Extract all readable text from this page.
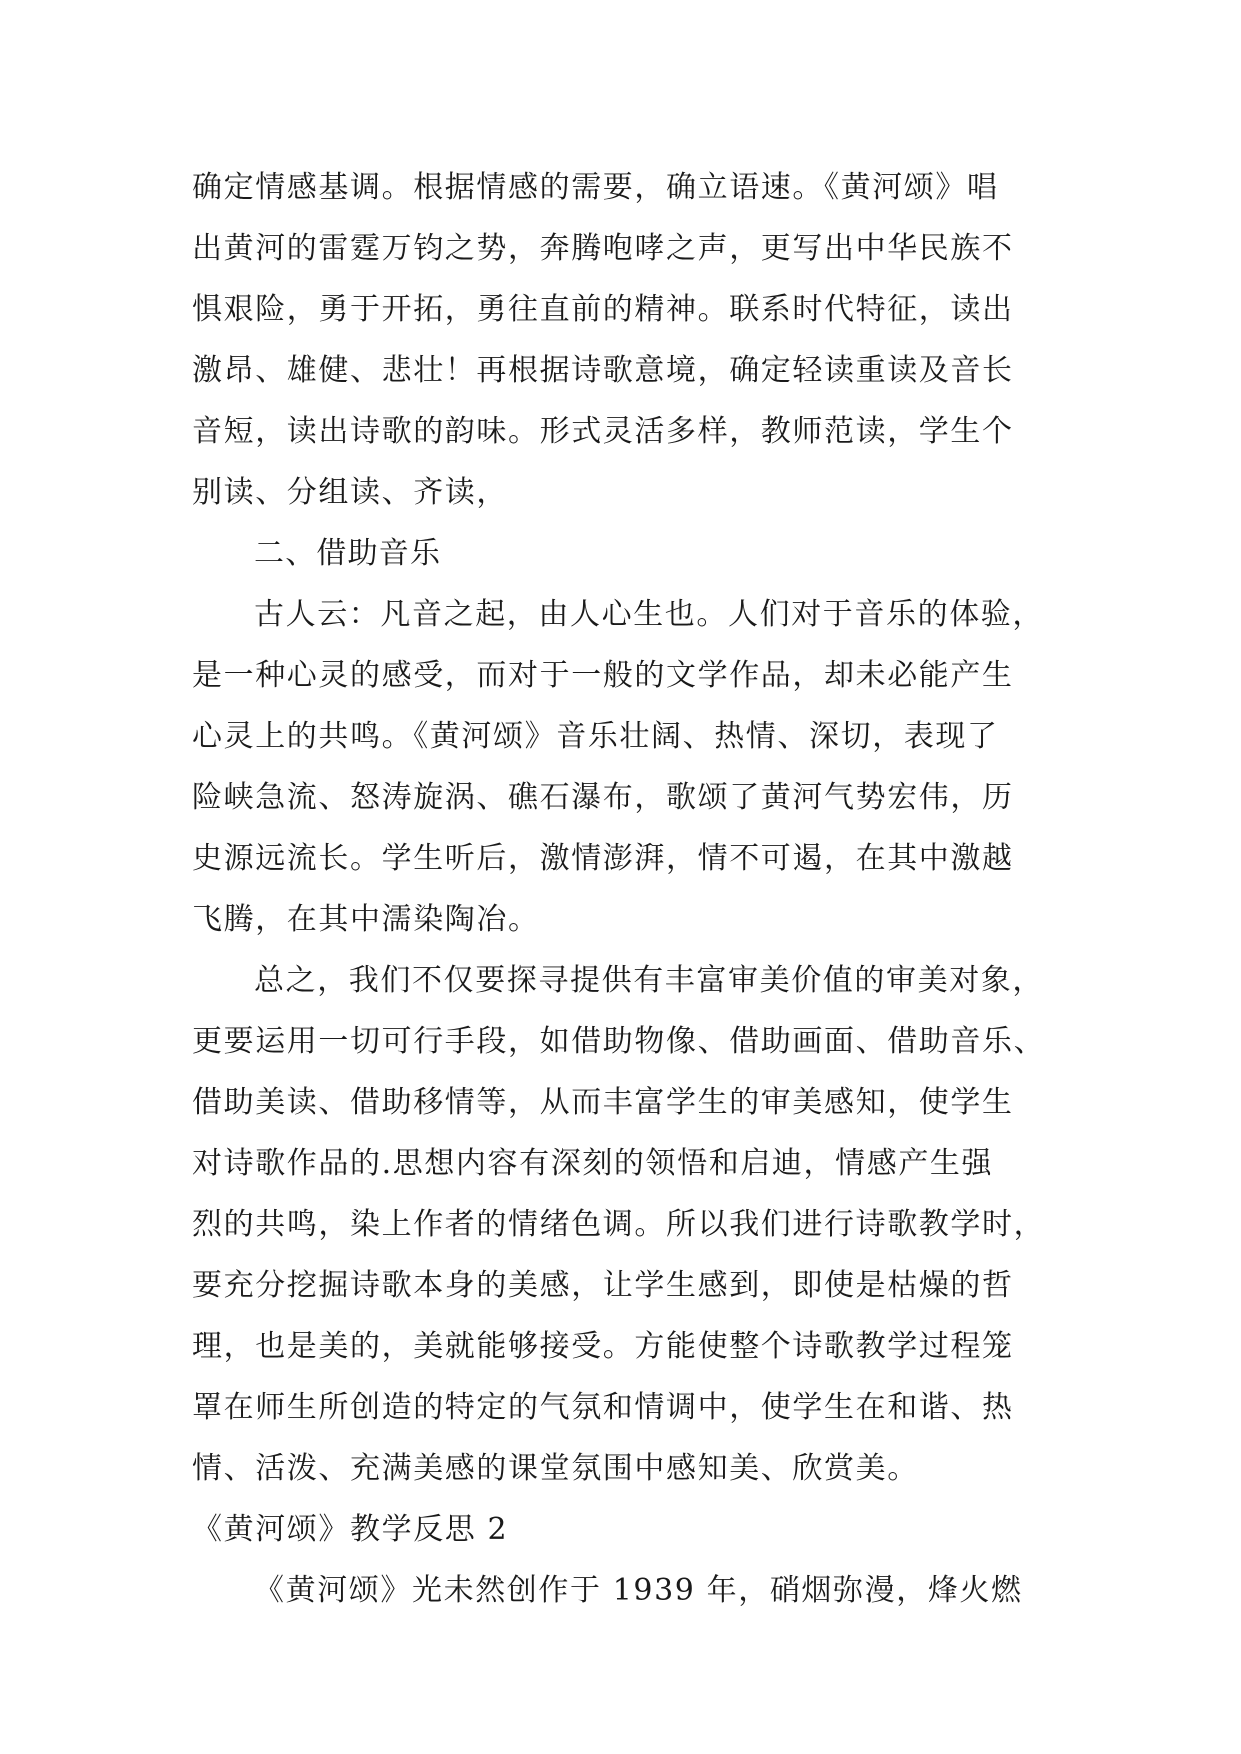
确定情感基调。根据情感的需要，确立语速。《黄河颂》唱
出黄河的雷霆万钧之势，奔腾咆哮之声，更写出中华民族不
惧艰险，勇于开拓，勇往直前的精神。联系时代特征，读出
激昂、雄健、悲壮！再根据诗歌意境，确定轻读重读及音长
音短，读出诗歌的韵味。形式灵活多样，教师范读，学生个
别读、分组读、齐读，
二、借助音乐
古人云：凡音之起，由人心生也。人们对于音乐的体验，
是一种心灵的感受，而对于一般的文学作品，却未必能产生
心灵上的共鸣。《黄河颂》音乐壮阔、热情、深切，表现了
险峡急流、怒涛旋涡、礁石瀑布，歌颂了黄河气势宏伟，历
史源远流长。学生听后，激情澎湃，情不可遏，在其中激越
飞腾，在其中濡染陶冶。
总之，我们不仅要探寻提供有丰富审美价值的审美对象，
更要运用一切可行手段，如借助物像、借助画面、借助音乐、
借助美读、借助移情等，从而丰富学生的审美感知，使学生
对诗歌作品的.思想内容有深刻的领悟和启迪，情感产生强
烈的共鸣，染上作者的情绪色调。所以我们进行诗歌教学时，
要充分挖掘诗歌本身的美感，让学生感到，即使是枯燥的哲
理，也是美的，美就能够接受。方能使整个诗歌教学过程笼
罩在师生所创造的特定的气氛和情调中，使学生在和谐、热
情、活泼、充满美感的课堂氛围中感知美、欣赏美。
《黄河颂》教学反思 2
《黄河颂》光未然创作于 1939 年，硝烟弥漫，烽火燃
